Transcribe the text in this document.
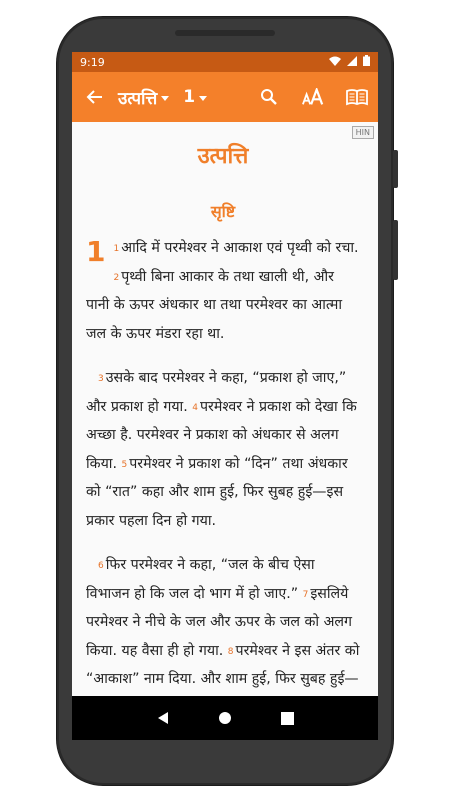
9:19
उत्पत्ति 1
HIN
उत्पत्ति
सृष्टि

1 $^1$ आदि में परमेश्वर ने आकाश एवं पृथ्वी को रचा. $^2$ पृथ्वी बिना आकार के तथा खाली थी, और पानी के ऊपर अंधकार था तथा परमेश्वर का आत्मा जल के ऊपर मंडरा रहा था.

$^3$ उसके बाद परमेश्वर ने कहा, “प्रकाश हो जाए,” और प्रकाश हो गया. $^4$ परमेश्वर ने प्रकाश को देखा कि अच्छा है. परमेश्वर ने प्रकाश को अंधकार से अलग किया. $^5$ परमेश्वर ने प्रकाश को “दिन” तथा अंधकार को “रात” कहा और शाम हुई, फिर सुबह हुई—इस प्रकार पहला दिन हो गया.

$^6$ फिर परमेश्वर ने कहा, “जल के बीच ऐसा विभाजन हो कि जल दो भाग में हो जाए.” $^7$ इसलिये परमेश्वर ने नीचे के जल और ऊपर के जल को अलग किया. यह वैसा ही हो गया. $^8$ परमेश्वर ने इस अंतर को “आकाश” नाम दिया. और शाम हुई, फिर सुबह हुई—
